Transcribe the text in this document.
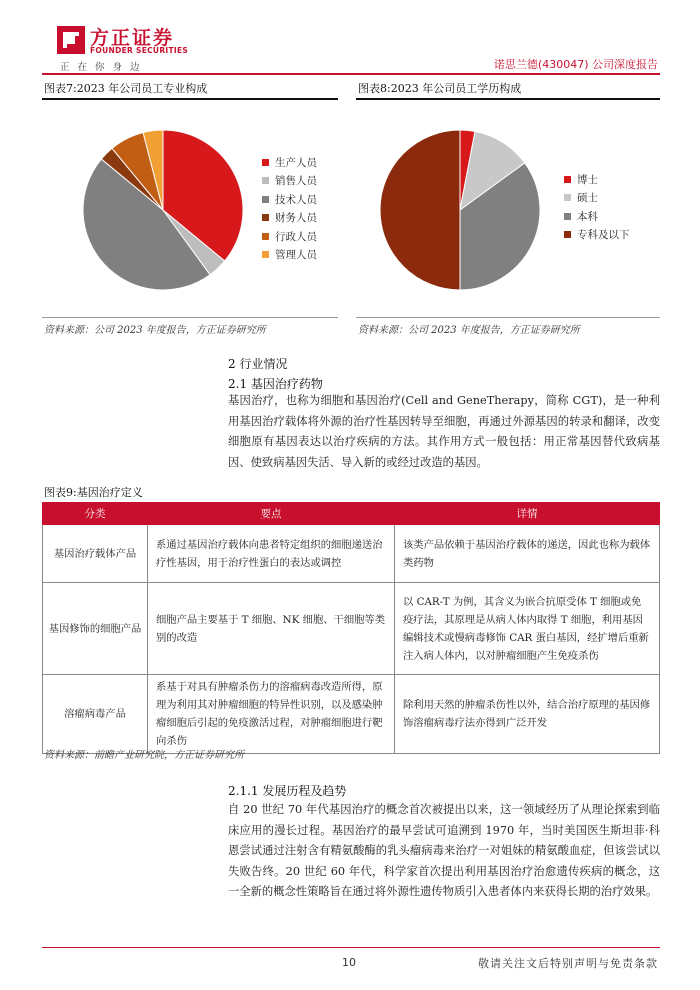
方正证券
FOUNDER SECURITIES
正在你身边	诺思兰德(430047) 公司深度报告
图表7:2023 年公司员工专业构成
生产人员
销售人员
技术人员
财务人员
行政人员
管理人员
资料来源：公司 2023 年度报告，方正证券研究所
图表8:2023 年公司员工学历构成
博士
硕士
本科
专科及以下
资料来源：公司 2023 年度报告，方正证券研究所
2 行业情况
2.1 基因治疗药物
基因治疗，也称为细胞和基因治疗(Cell and GeneTherapy，简称 CGT)，是一种利用基因治疗载体将外源的治疗性基因转导至细胞，再通过外源基因的转录和翻译，改变细胞原有基因表达以治疗疾病的方法。其作用方式一般包括：用正常基因替代致病基因、使致病基因失活、导入新的或经过改造的基因。
图表9:基因治疗定义
分类	要点	详情
基因治疗载体产品	系通过基因治疗载体向患者特定组织的细胞递送治疗性基因，用于治疗性蛋白的表达或调控	该类产品依赖于基因治疗载体的递送，因此也称为载体类药物
基因修饰的细胞产品	细胞产品主要基于 T 细胞、NK 细胞、干细胞等类别的改造	以 CAR-T 为例，其含义为嵌合抗原受体 T 细胞或免疫疗法，其原理是从病人体内取得 T 细胞，利用基因编辑技术或慢病毒修饰 CAR 蛋白基因，经扩增后重新注入病人体内，以对肿瘤细胞产生免疫杀伤
溶瘤病毒产品	系基于对具有肿瘤杀伤力的溶瘤病毒改造所得，原理为利用其对肿瘤细胞的特异性识别，以及感染肿瘤细胞后引起的免疫激活过程，对肿瘤细胞进行靶向杀伤	除利用天然的肿瘤杀伤性以外，结合治疗原理的基因修饰溶瘤病毒疗法亦得到广泛开发
资料来源：前瞻产业研究院，方正证券研究所
2.1.1 发展历程及趋势
自 20 世纪 70 年代基因治疗的概念首次被提出以来，这一领域经历了从理论探索到临床应用的漫长过程。基因治疗的最早尝试可追溯到 1970 年，当时美国医生斯坦菲·科恩尝试通过注射含有精氨酸酶的乳头瘤病毒来治疗一对姐妹的精氨酸血症，但该尝试以失败告终。20 世纪 60 年代，科学家首次提出利用基因治疗治愈遗传疾病的概念，这一全新的概念性策略旨在通过将外源性遗传物质引入患者体内来获得长期的治疗效果。
10	敬请关注文后特别声明与免责条款
